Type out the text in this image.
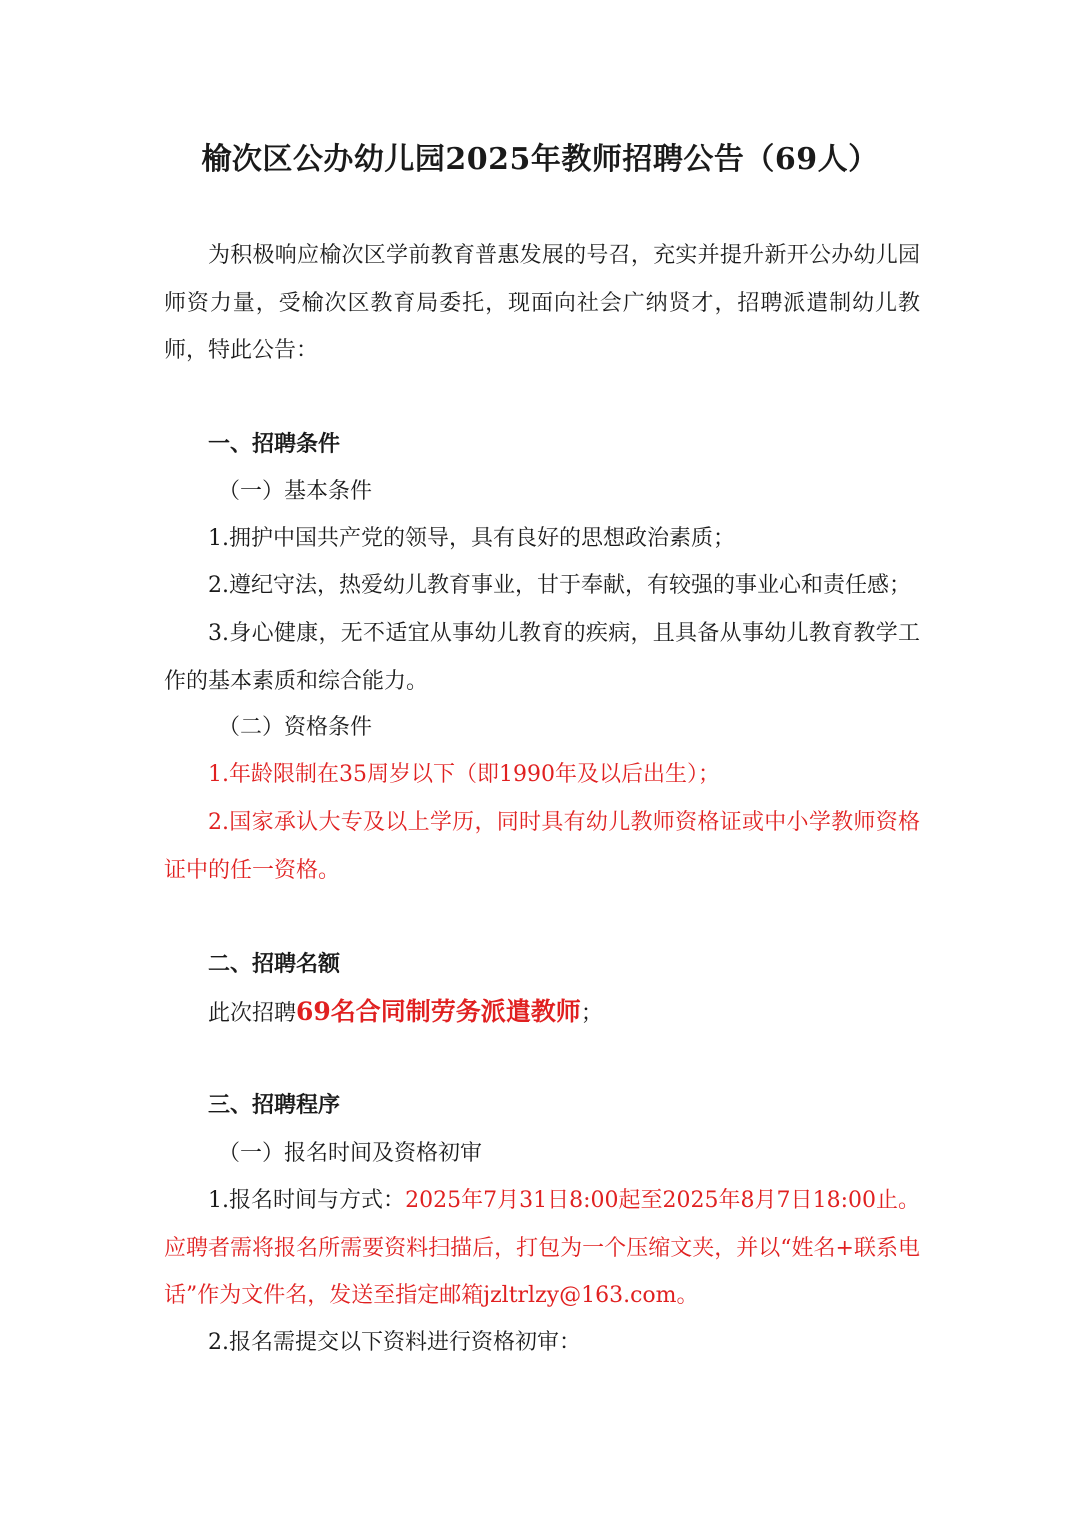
榆次区公办幼儿园2025年教师招聘公告（69人）

为积极响应榆次区学前教育普惠发展的号召，充实并提升新开公办幼儿园师资力量，受榆次区教育局委托，现面向社会广纳贤才，招聘派遣制幼儿教师，特此公告：

一、招聘条件

（一）基本条件

1.拥护中国共产党的领导，具有良好的思想政治素质；

2.遵纪守法，热爱幼儿教育事业，甘于奉献，有较强的事业心和责任感；

3.身心健康，无不适宜从事幼儿教育的疾病，且具备从事幼儿教育教学工作的基本素质和综合能力。

（二）资格条件

1.年龄限制在35周岁以下（即1990年及以后出生）；

2.国家承认大专及以上学历，同时具有幼儿教师资格证或中小学教师资格证中的任一资格。

二、招聘名额

此次招聘69名合同制劳务派遣教师；

三、招聘程序

（一）报名时间及资格初审

1.报名时间与方式：2025年7月31日8:00起至2025年8月7日18:00止。应聘者需将报名所需要资料扫描后，打包为一个压缩文夹，并以“姓名+联系电话”作为文件名，发送至指定邮箱jzltrlzy@163.com。

2.报名需提交以下资料进行资格初审：
